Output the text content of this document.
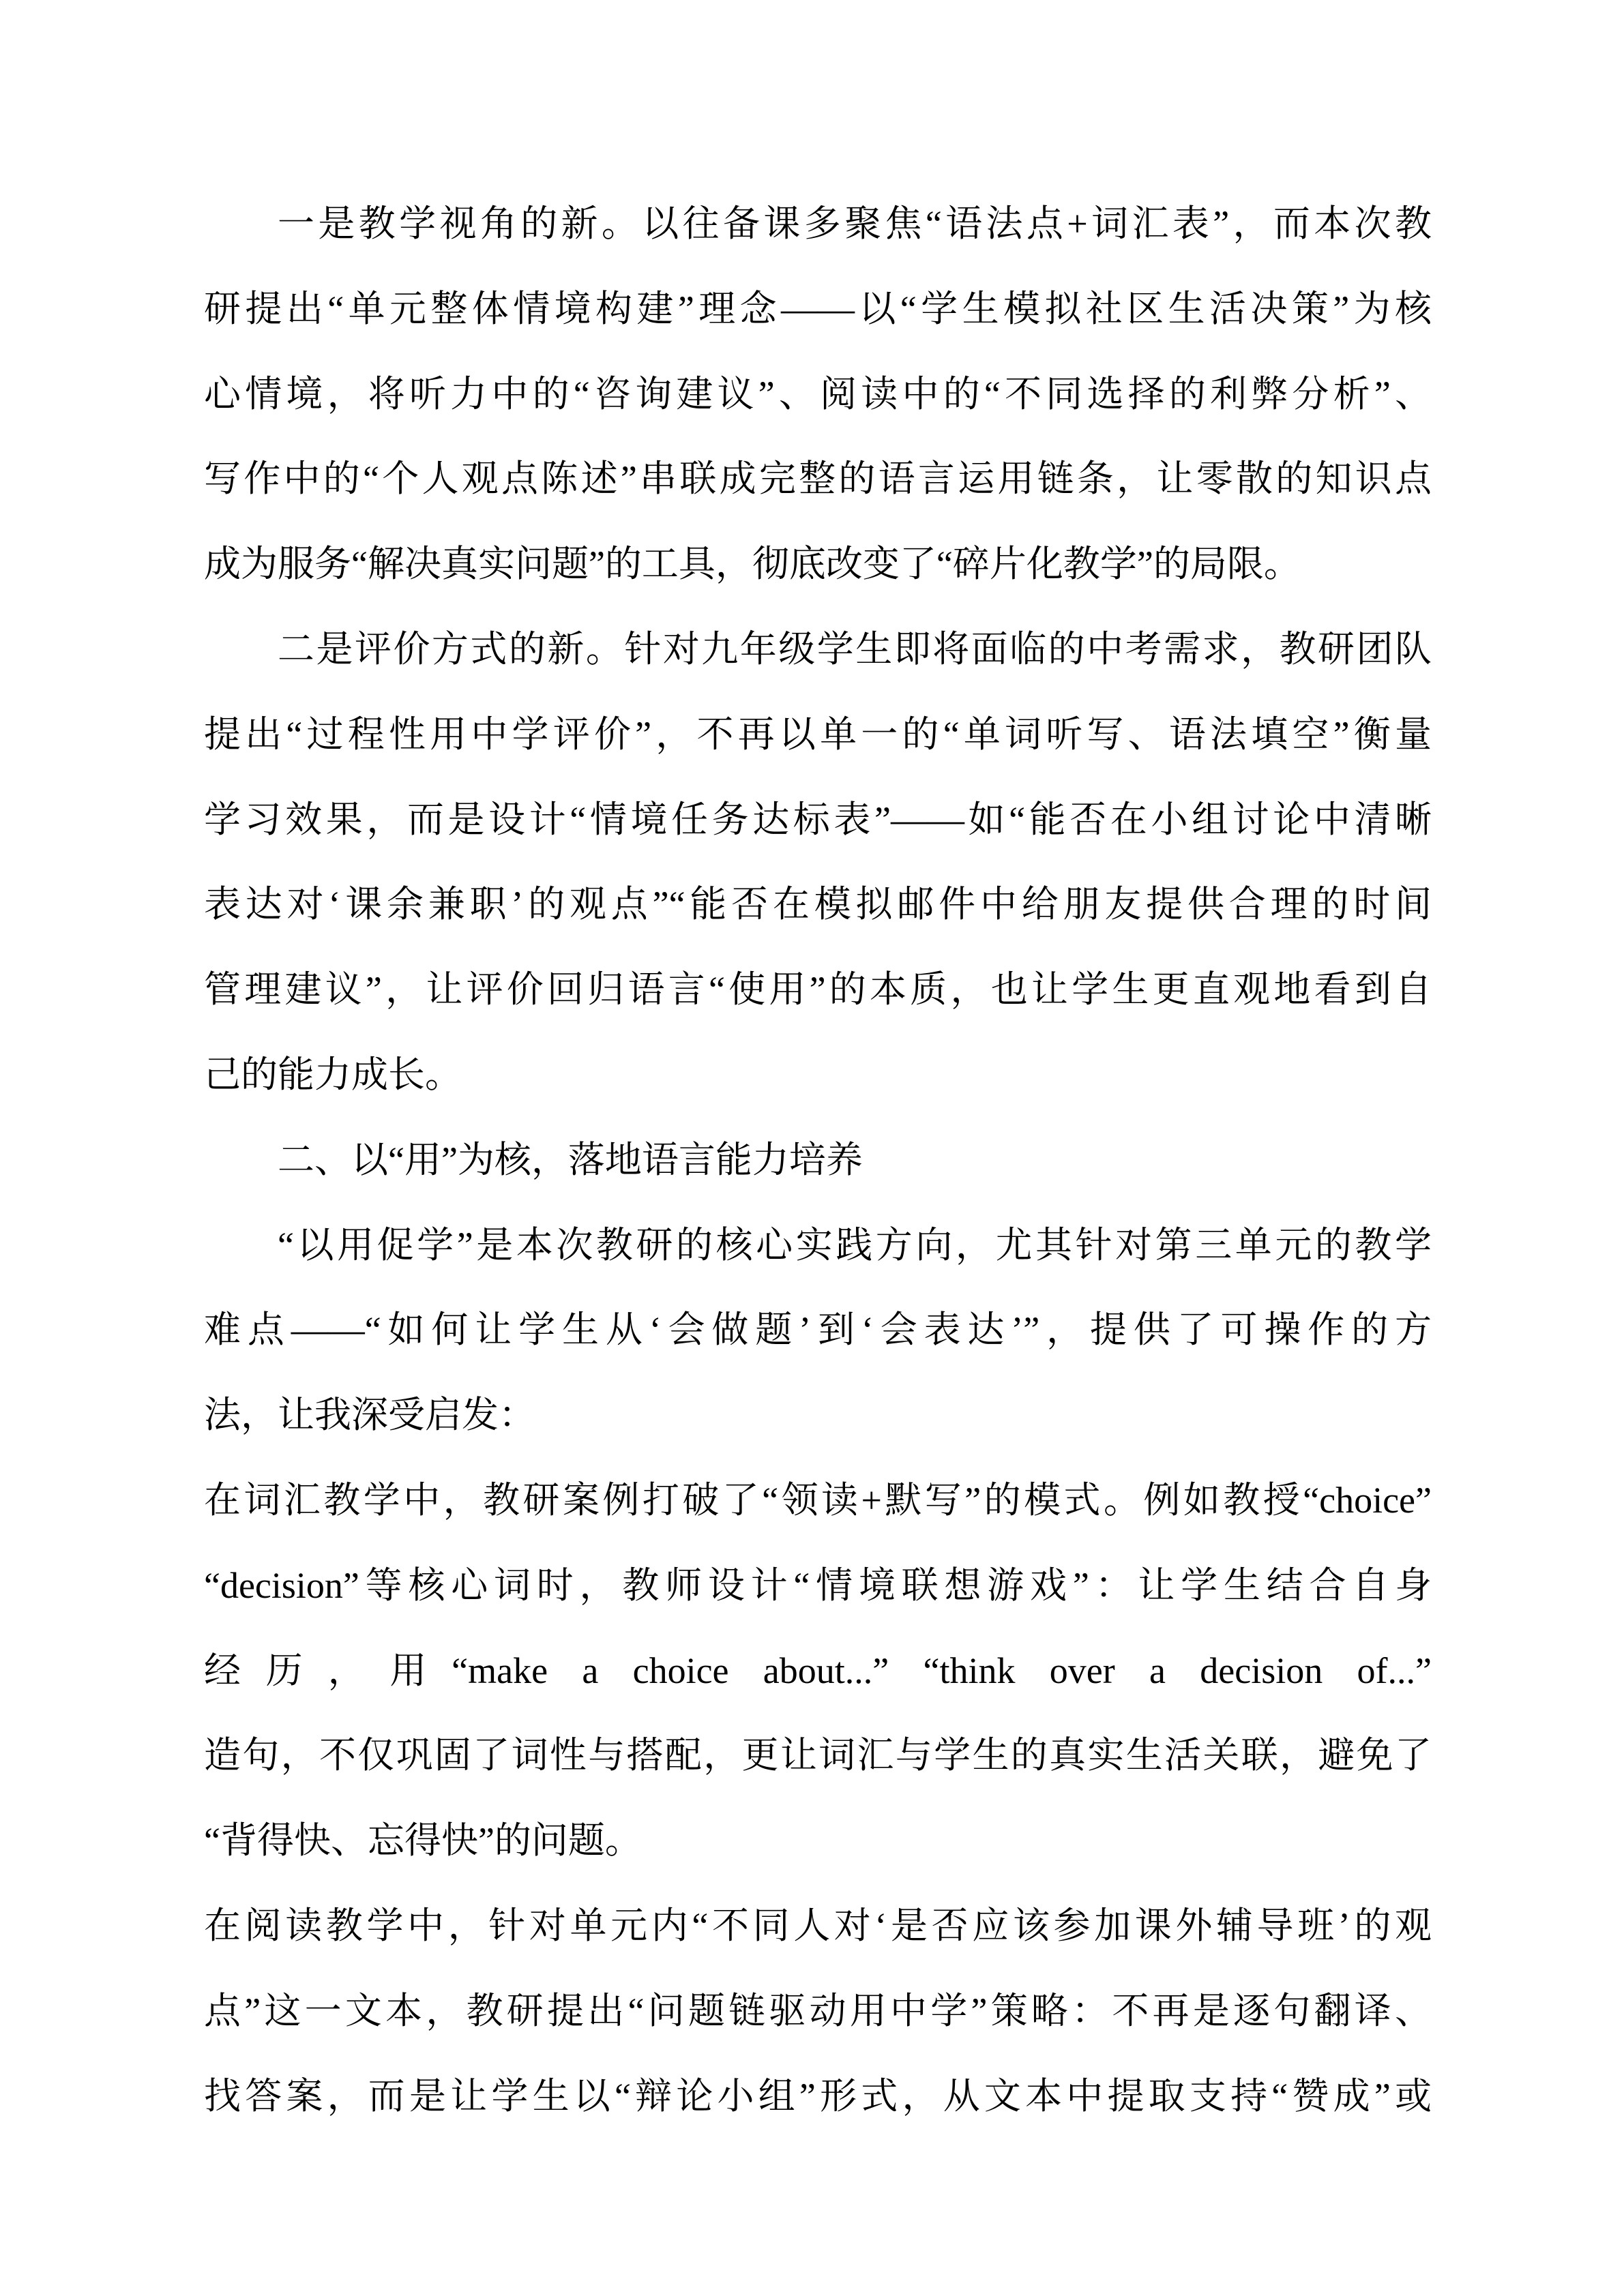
一是教学视角的新。以往备课多聚焦“语法点+词汇表”，而本次教
研提出“单元整体情境构建”理念——以“学生模拟社区生活决策”为核
心情境，将听力中的“咨询建议”、阅读中的“不同选择的利弊分析”、
写作中的“个人观点陈述”串联成完整的语言运用链条，让零散的知识点
成为服务“解决真实问题”的工具，彻底改变了“碎片化教学”的局限。
二是评价方式的新。针对九年级学生即将面临的中考需求，教研团队
提出“过程性用中学评价”，不再以单一的“单词听写、语法填空”衡量
学习效果，而是设计“情境任务达标表”——如“能否在小组讨论中清晰
表达对‘课余兼职’的观点”“能否在模拟邮件中给朋友提供合理的时间
管理建议”，让评价回归语言“使用”的本质，也让学生更直观地看到自
己的能力成长。
二、以“用”为核，落地语言能力培养
“以用促学”是本次教研的核心实践方向，尤其针对第三单元的教学
难点——“如何让学生从‘会做题’到‘会表达’”，提供了可操作的方
法，让我深受启发：
在词汇教学中，教研案例打破了“领读+默写”的模式。例如教授“choice”
“decision”等核心词时，教师设计“情境联想游戏”：让学生结合自身
经历，用“make a choice about...” “think over a decision of...”
造句，不仅巩固了词性与搭配，更让词汇与学生的真实生活关联，避免了
“背得快、忘得快”的问题。
在阅读教学中，针对单元内“不同人对‘是否应该参加课外辅导班’的观
点”这一文本，教研提出“问题链驱动用中学”策略：不再是逐句翻译、
找答案，而是让学生以“辩论小组”形式，从文本中提取支持“赞成”或
